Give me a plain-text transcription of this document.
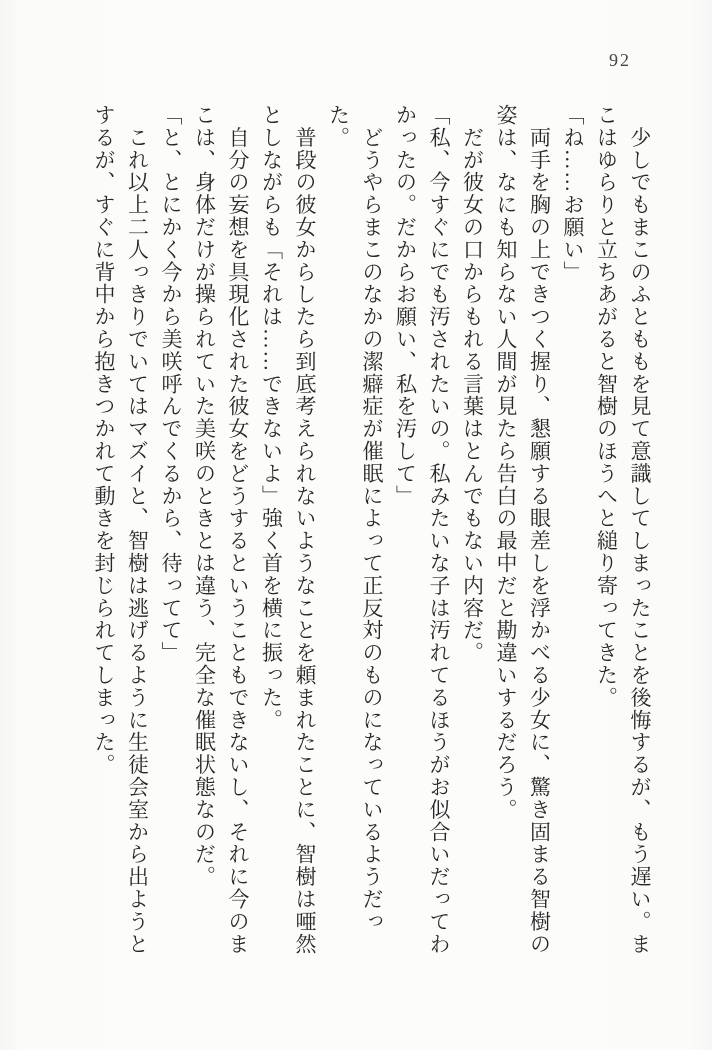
92
　少しでもまこのふとももを見て意識してしまったことを後悔するが、もう遅い。ま
こはゆらりと立ちあがると智樹のほうへと縋り寄ってきた。
「ね……お願い」
　両手を胸の上できつく握り、懇願する眼差しを浮かべる少女に、驚き固まる智樹の
姿は、なにも知らない人間が見たら告白の最中だと勘違いするだろう。
　だが彼女の口からもれる言葉はとんでもない内容だ。
「私、今すぐにでも汚されたいの。私みたいな子は汚れてるほうがお似合いだってわ
かったの。だからお願い、私を汚して」
　どうやらまこのなかの潔癖症が催眠によって正反対のものになっているようだっ
た。
　普段の彼女からしたら到底考えられないようなことを頼まれたことに、智樹は唖然
としながらも「それは……できないよ」強く首を横に振った。
　自分の妄想を具現化された彼女をどうするということもできないし、それに今のま
こは、身体だけが操られていた美咲のときとは違う、完全な催眠状態なのだ。
「と、とにかく今から美咲呼んでくるから、待ってて」
　これ以上二人っきりでいてはマズイと、智樹は逃げるように生徒会室から出ようと
するが、すぐに背中から抱きつかれて動きを封じられてしまった。
